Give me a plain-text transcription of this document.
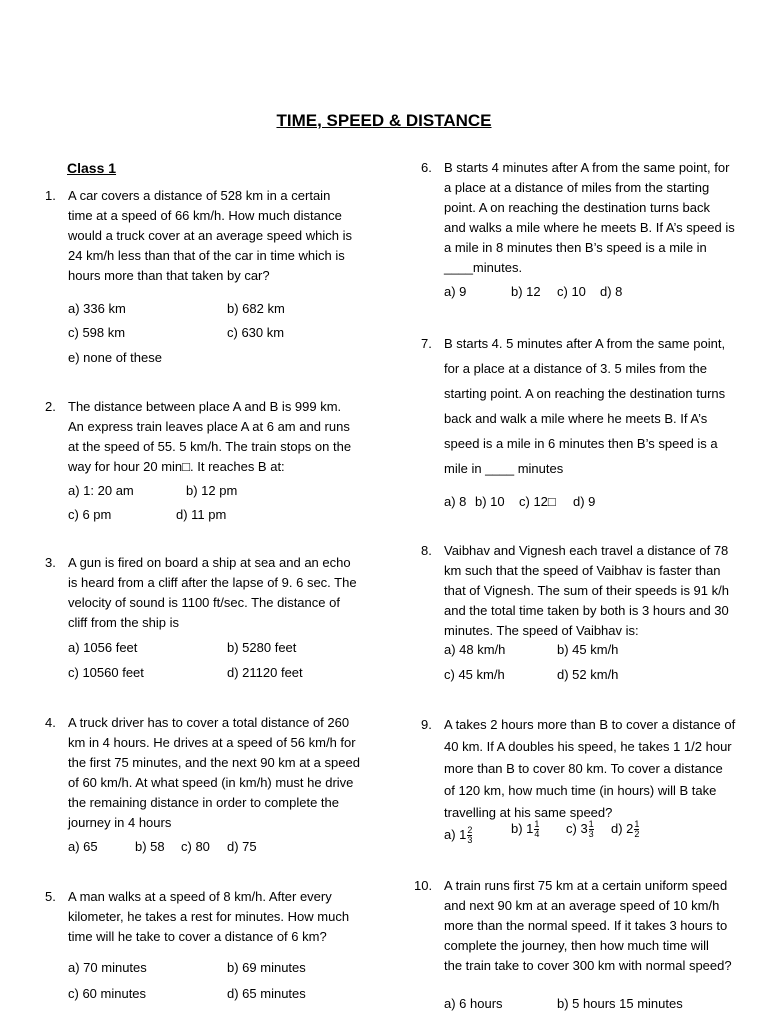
TIME, SPEED & DISTANCE
Class 1
1. A car covers a distance of 528 km in a certain
time at a speed of 66 km/h. How much distance
would a truck cover at an average speed which is
24 km/h less than that of the car in time which is
hours more than that taken by car?
a) 336 km	b) 682 km
c) 598 km	c) 630 km
e) none of these
2. The distance between place A and B is 999 km.
An express train leaves place A at 6 am and runs
at the speed of 55. 5 km/h. The train stops on the
way for hour 20 min□. It reaches B at:
a) 1: 20 am	b) 12 pm
c) 6 pm	d) 11 pm
3. A gun is fired on board a ship at sea and an echo
is heard from a cliff after the lapse of 9. 6 sec. The
velocity of sound is 1100 ft/sec. The distance of
cliff from the ship is
a) 1056 feet	b) 5280 feet
c) 10560 feet	d) 21120 feet
4. A truck driver has to cover a total distance of 260
km in 4 hours. He drives at a speed of 56 km/h for
the first 75 minutes, and the next 90 km at a speed
of 60 km/h. At what speed (in km/h) must he drive
the remaining distance in order to complete the
journey in 4 hours
a) 65	b) 58 c) 80 d) 75
5. A man walks at a speed of 8 km/h. After every
kilometer, he takes a rest for minutes. How much
time will he take to cover a distance of 6 km?
a) 70 minutes	b) 69 minutes
c) 60 minutes	d) 65 minutes
6. B starts 4 minutes after A from the same point, for
a place at a distance of miles from the starting
point. A on reaching the destination turns back
and walks a mile where he meets B. If A’s speed is
a mile in 8 minutes then B’s speed is a mile in
____minutes.
a) 9	b) 12 c) 10 d) 8
7. B starts 4. 5 minutes after A from the same point,
for a place at a distance of 3. 5 miles from the
starting point. A on reaching the destination turns
back and walk a mile where he meets B. If A’s
speed is a mile in 6 minutes then B’s speed is a
mile in ____ minutes
a) 8 b) 10 c) 12□ d) 9
8. Vaibhav and Vignesh each travel a distance of 78
km such that the speed of Vaibhav is faster than
that of Vignesh. The sum of their speeds is 91 k/h
and the total time taken by both is 3 hours and 30
minutes. The speed of Vaibhav is:
a) 48 km/h	b) 45 km/h
c) 45 km/h	d) 52 km/h
9. A takes 2 hours more than B to cover a distance of
40 km. If A doubles his speed, he takes 1 1/2 hour
more than B to cover 80 km. To cover a distance
of 120 km, how much time (in hours) will B take
travelling at his same speed?
a) $1 \frac{2}{3}$	b) $1 \frac{1}{4} c$) $3 \frac{1}{3} d$) $2 \frac{1}{2}$
10. A train runs first 75 km at a certain uniform speed
and next 90 km at an average speed of 10 km/h
more than the normal speed. If it takes 3 hours to
complete the journey, then how much time will
the train take to cover 300 km with normal speed?
a) 6 hours	b) 5 hours 15 minutes
